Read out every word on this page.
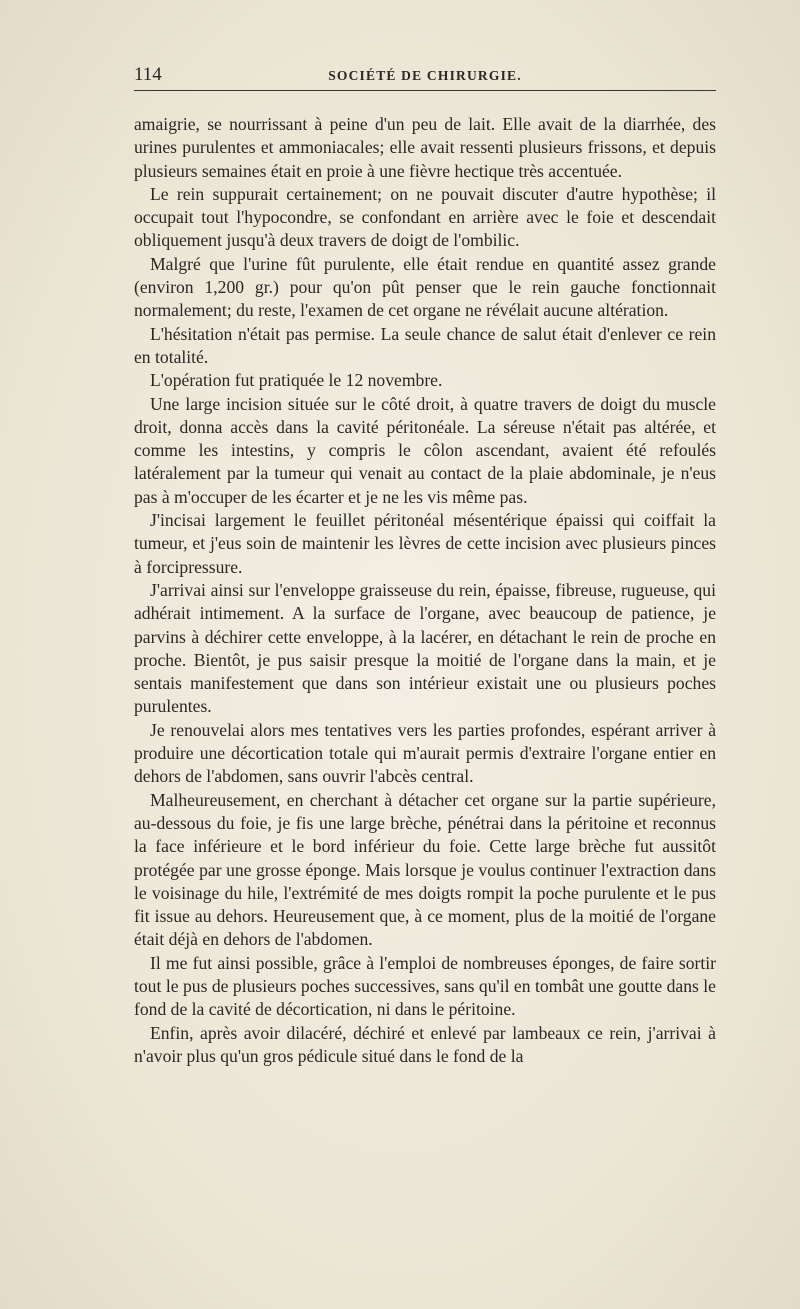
114	SOCIÉTÉ DE CHIRURGIE.

amaigrie, se nourrissant à peine d'un peu de lait. Elle avait de la diarrhée, des urines purulentes et ammoniacales; elle avait ressenti plusieurs frissons, et depuis plusieurs semaines était en proie à une fièvre hectique très accentuée.

Le rein suppurait certainement; on ne pouvait discuter d'autre hypothèse; il occupait tout l'hypocondre, se confondant en arrière avec le foie et descendait obliquement jusqu'à deux travers de doigt de l'ombilic.

Malgré que l'urine fût purulente, elle était rendue en quantité assez grande (environ 1,200 gr.) pour qu'on pût penser que le rein gauche fonctionnait normalement; du reste, l'examen de cet organe ne révélait aucune altération.

L'hésitation n'était pas permise. La seule chance de salut était d'enlever ce rein en totalité.

L'opération fut pratiquée le 12 novembre.

Une large incision située sur le côté droit, à quatre travers de doigt du muscle droit, donna accès dans la cavité péritonéale. La séreuse n'était pas altérée, et comme les intestins, y compris le côlon ascendant, avaient été refoulés latéralement par la tumeur qui venait au contact de la plaie abdominale, je n'eus pas à m'occuper de les écarter et je ne les vis même pas.

J'incisai largement le feuillet péritonéal mésentérique épaissi qui coiffait la tumeur, et j'eus soin de maintenir les lèvres de cette incision avec plusieurs pinces à forcipressure.

J'arrivai ainsi sur l'enveloppe graisseuse du rein, épaisse, fibreuse, rugueuse, qui adhérait intimement. A la surface de l'organe, avec beaucoup de patience, je parvins à déchirer cette enveloppe, à la lacérer, en détachant le rein de proche en proche. Bientôt, je pus saisir presque la moitié de l'organe dans la main, et je sentais manifestement que dans son intérieur existait une ou plusieurs poches purulentes.

Je renouvelai alors mes tentatives vers les parties profondes, espérant arriver à produire une décortication totale qui m'aurait permis d'extraire l'organe entier en dehors de l'abdomen, sans ouvrir l'abcès central.

Malheureusement, en cherchant à détacher cet organe sur la partie supérieure, au-dessous du foie, je fis une large brèche, pénétrai dans la péritoine et reconnus la face inférieure et le bord inférieur du foie. Cette large brèche fut aussitôt protégée par une grosse éponge. Mais lorsque je voulus continuer l'extraction dans le voisinage du hile, l'extrémité de mes doigts rompit la poche purulente et le pus fit issue au dehors. Heureusement que, à ce moment, plus de la moitié de l'organe était déjà en dehors de l'abdomen.

Il me fut ainsi possible, grâce à l'emploi de nombreuses éponges, de faire sortir tout le pus de plusieurs poches successives, sans qu'il en tombât une goutte dans le fond de la cavité de décortication, ni dans le péritoine.

Enfin, après avoir dilacéré, déchiré et enlevé par lambeaux ce rein, j'arrivai à n'avoir plus qu'un gros pédicule situé dans le fond de la
